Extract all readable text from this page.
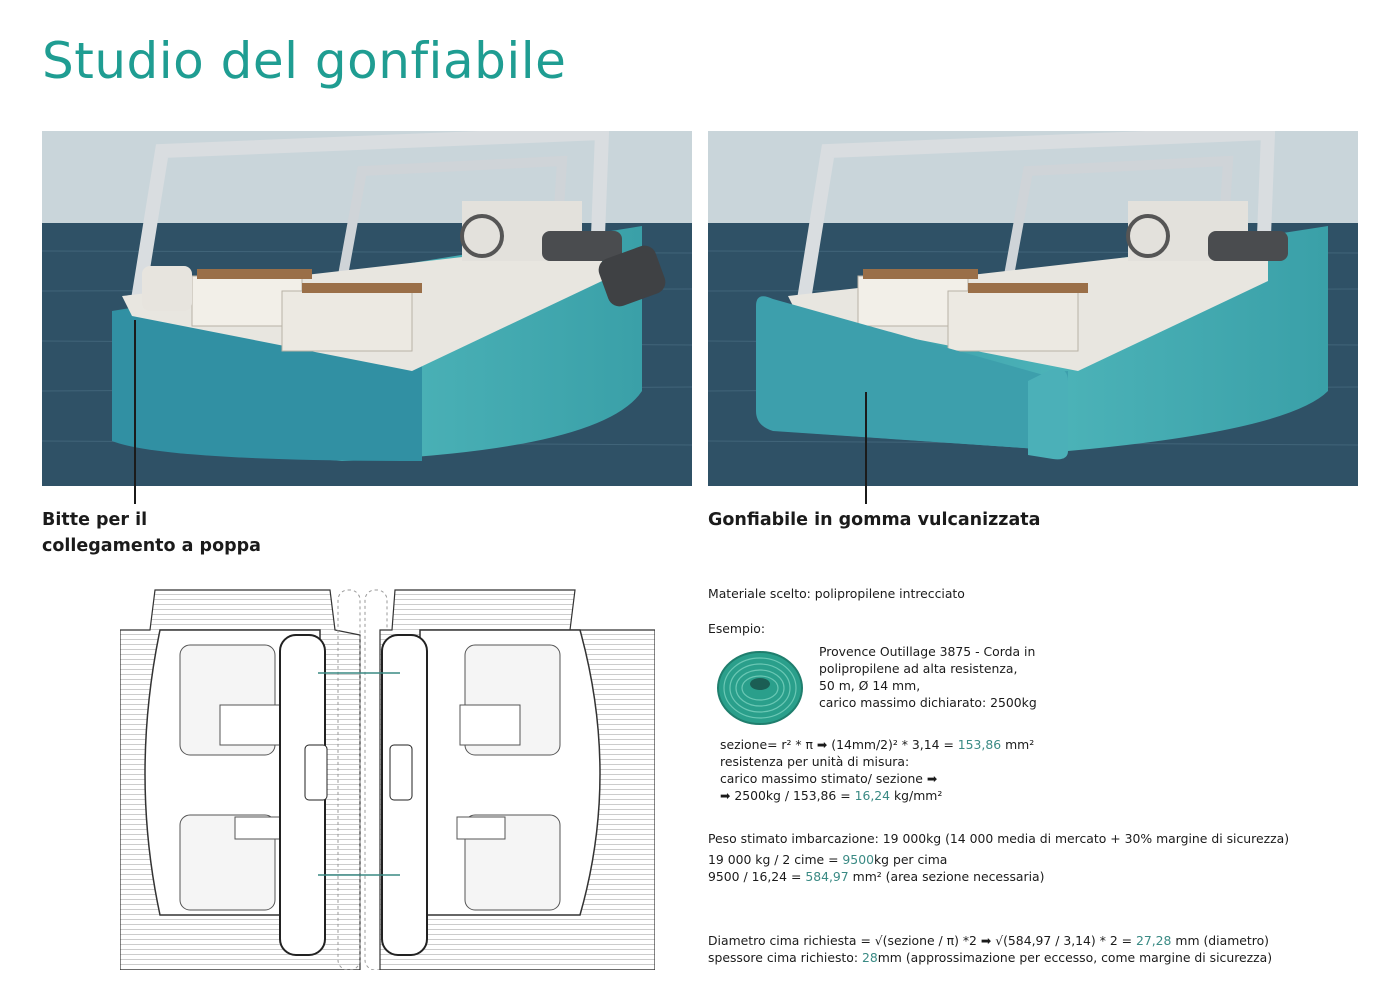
Studio del gonfiabile
Bitte per il
collegamento a poppa
Gonfiabile in gomma vulcanizzata
Materiale scelto: polipropilene intrecciato
Esempio:
Provence Outillage 3875 - Corda in
polipropilene ad alta resistenza,
50 m, Ø 14 mm,
carico massimo dichiarato: 2500kg
sezione= r² * π ➡ (14mm/2)² * 3,14 = 153,86 mm²
resistenza per unità di misura:
carico massimo stimato/ sezione ➡
➡ 2500kg / 153,86 = 16,24 kg/mm²
Peso stimato imbarcazione: 19 000kg (14 000 media di mercato + 30% margine di sicurezza)
19 000 kg / 2 cime = 9500kg per cima
9500 / 16,24 = 584,97 mm² (area sezione necessaria)
Diametro cima richiesta = √(sezione / π) *2 ➡ √(584,97 / 3,14) * 2 = 27,28 mm (diametro)
spessore cima richiesto: 28mm (approssimazione per eccesso, come margine di sicurezza)
